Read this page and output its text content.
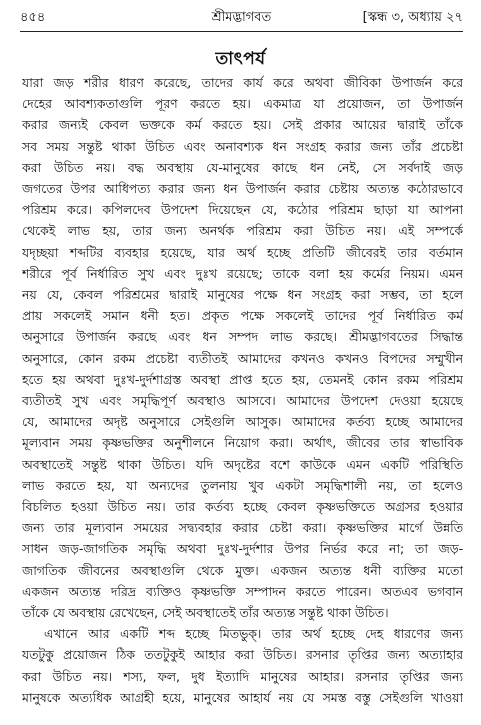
৪৫৪	শ্রীমদ্ভাগবত	[স্কন্ধ ৩, অধ্যায় ২৭
তাৎপর্য
যারা জড় শরীর ধারণ করেছে, তাদের কার্য করে অথবা জীবিকা উপার্জন করে
দেহের আবশ্যকতাগুলি পূরণ করতে হয়। একমাত্র যা প্রয়োজন, তা উপার্জন
করার জন্যই কেবল ভক্তকে কর্ম করতে হয়। সেই প্রকার আয়ের দ্বারাই তাঁকে
সব সময় সন্তুষ্ট থাকা উচিত এবং অনাবশ্যক ধন সংগ্রহ করার জন্য তাঁর প্রচেষ্টা
করা উচিত নয়। বদ্ধ অবস্থায় যে-মানুষের কাছে ধন নেই, সে সর্বদাই জড়
জগতের উপর আধিপত্য করার জন্য ধন উপার্জন করার চেষ্টায় অত্যন্ত কঠোরভাবে
পরিশ্রম করে। কপিলদেব উপদেশ দিয়েছেন যে, কঠোর পরিশ্রম ছাড়া যা আপনা
থেকেই লাভ হয়, তার জন্য অনর্থক পরিশ্রম করা উচিত নয়। এই সম্পর্কে
যদৃচ্ছয়া শব্দটির ব্যবহার হয়েছে, যার অর্থ হচ্ছে প্রতিটি জীবেরই তার বর্তমান
শরীরে পূর্ব নির্ধারিত সুখ এবং দুঃখ রয়েছে; তাকে বলা হয় কর্মের নিয়ম। এমন
নয় যে, কেবল পরিশ্রমের দ্বারাই মানুষের পক্ষে ধন সংগ্রহ করা সম্ভব, তা হলে
প্রায় সকলেই সমান ধনী হত। প্রকৃত পক্ষে সকলেই তাদের পূর্ব নির্ধারিত কর্ম
অনুসারে উপার্জন করছে এবং ধন সম্পদ লাভ করছে। শ্রীমদ্ভাগবতের সিদ্ধান্ত
অনুসারে, কোন রকম প্রচেষ্টা ব্যতীতই আমাদের কখনও কখনও বিপদের সম্মুখীন
হতে হয় অথবা দুঃখ-দুর্দশাগ্রস্ত অবস্থা প্রাপ্ত হতে হয়, তেমনই কোন রকম পরিশ্রম
ব্যতীতই সুখ এবং সমৃদ্ধিপূর্ণ অবস্থাও আসবে। আমাদের উপদেশ দেওয়া হয়েছে
যে, আমাদের অদৃষ্ট অনুসারে সেইগুলি আসুক। আমাদের কর্তব্য হচ্ছে আমাদের
মূল্যবান সময় কৃষ্ণভক্তির অনুশীলনে নিয়োগ করা। অর্থাৎ, জীবের তার স্বাভাবিক
অবস্থাতেই সন্তুষ্ট থাকা উচিত। যদি অদৃষ্টের বশে কাউকে এমন একটি পরিস্থিতি
লাভ করতে হয়, যা অন্যদের তুলনায় খুব একটা সমৃদ্ধিশালী নয়, তা হলেও
বিচলিত হওয়া উচিত নয়। তার কর্তব্য হচ্ছে কেবল কৃষ্ণভক্তিতে অগ্রসর হওয়ার
জন্য তার মূল্যবান সময়ের সদ্ব্যবহার করার চেষ্টা করা। কৃষ্ণভক্তির মার্গে উন্নতি
সাধন জড়-জাগতিক সমৃদ্ধি অথবা দুঃখ-দুর্দশার উপর নির্ভর করে না; তা জড়-
জাগতিক জীবনের অবস্থাগুলি থেকে মুক্ত। একজন অত্যন্ত ধনী ব্যক্তির মতো
একজন অত্যন্ত দরিদ্র ব্যক্তিও কৃষ্ণভক্তি সম্পাদন করতে পারেন। অতএব ভগবান
তাঁকে যে অবস্থায় রেখেছেন, সেই অবস্থাতেই তাঁর অত্যন্ত সন্তুষ্ট থাকা উচিত।
এখানে আর একটি শব্দ হচ্ছে মিতভুক্। তার অর্থ হচ্ছে দেহ ধারণের জন্য
যতটুকু প্রয়োজন ঠিক ততটুকুই আহার করা উচিত। রসনার তৃপ্তির জন্য অত্যাহার
করা উচিত নয়। শস্য, ফল, দুধ ইত্যাদি মানুষের আহার। রসনার তৃপ্তির জন্য
মানুষকে অত্যধিক আগ্রহী হয়ে, মানুষের আহার্য নয় যে সমস্ত বস্তু সেইগুলি খাওয়া
